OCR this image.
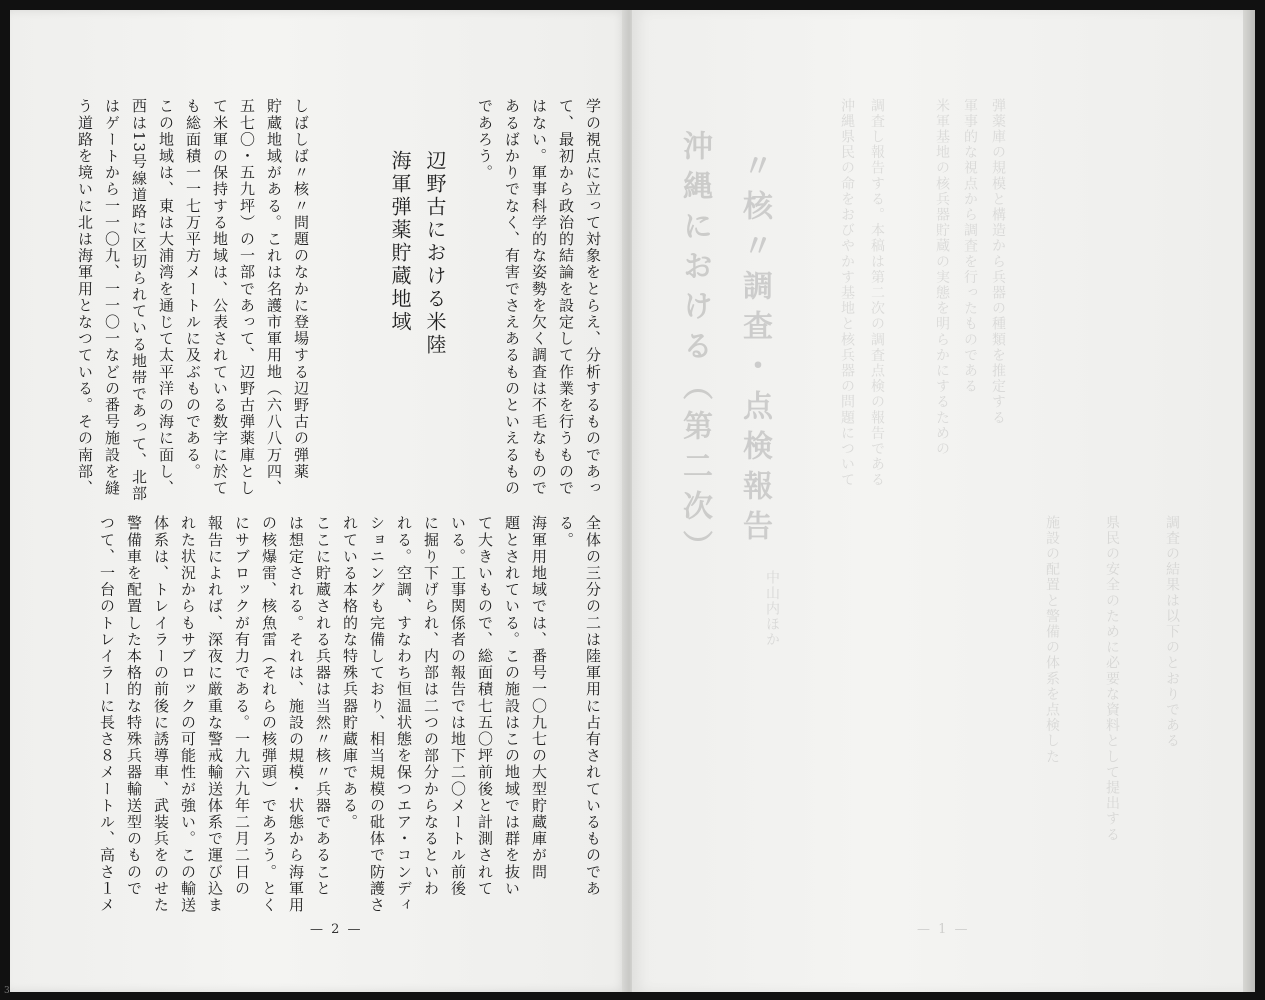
学の視点に立って対象をとらえ、分析するものであっ
て、最初から政治的結論を設定して作業を行うもので
はない。軍事科学的な姿勢を欠く調査は不毛なもので
あるばかりでなく、有害でさえあるものといえるもの
であろう。
辺野古における米陸
海軍弾薬貯蔵地域
しばしば〃核〃問題のなかに登場する辺野古の弾薬
貯蔵地域がある。これは名護市軍用地（六八八万四、
五七〇・五九坪）の一部であって、辺野古弾薬庫とし
て米軍の保持する地域は、公表されている数字に於て
も総面積一一七万平方メートルに及ぶものである。
この地域は、東は大浦湾を通じて太平洋の海に面し、
西は13号線道路に区切られている地帯であって、北部
はゲートから一一〇九、一一〇一などの番号施設を縫
う道路を境いに北は海軍用となつている。その南部、
全体の三分の二は陸軍用に占有されているものであ
る。
海軍用地域では、番号一〇九七の大型貯蔵庫が問
題とされている。この施設はこの地域では群を抜い
て大きいもので、総面積七五〇坪前後と計測されて
いる。工事関係者の報告では地下二〇メートル前後
に掘り下げられ、内部は二つの部分からなるといわ
れる。空調、すなわち恒温状態を保つエア・コンディ
ショニングも完備しており、相当規模の砒体で防護さ
れている本格的な特殊兵器貯蔵庫である。
ここに貯蔵される兵器は当然〃核〃兵器であること
は想定される。それは、施設の規模・状態から海軍用
の核爆雷、核魚雷（それらの核弾頭）であろう。とく
にサブロックが有力である。一九六九年二月二日の
報告によれば、深夜に厳重な警戒輸送体系で運び込ま
れた状況からもサブロックの可能性が強い。この輸送
体系は、トレイラーの前後に誘導車、武装兵をのせた
警備車を配置した本格的な特殊兵器輸送型のもので
つて、一台のトレイラーに長さ８メートル、高さ１メ
— 2 —
沖縄における（第二次） 〃核〃調査・点検報告
中山内ほか
沖縄県民の命をおびやかす基地と核兵器の問題について 調査し報告する。本稿は第二次の調査点検の報告である	米軍基地の核兵器貯蔵の実態を明らかにするための 軍事的な視点から調査を行ったものである 弾薬庫の規模と構造から兵器の種類を推定する
施設の配置と警備の体系を点検した	県民の安全のために必要な資料として提出する	調査の結果は以下のとおりである
— 1 —
3
